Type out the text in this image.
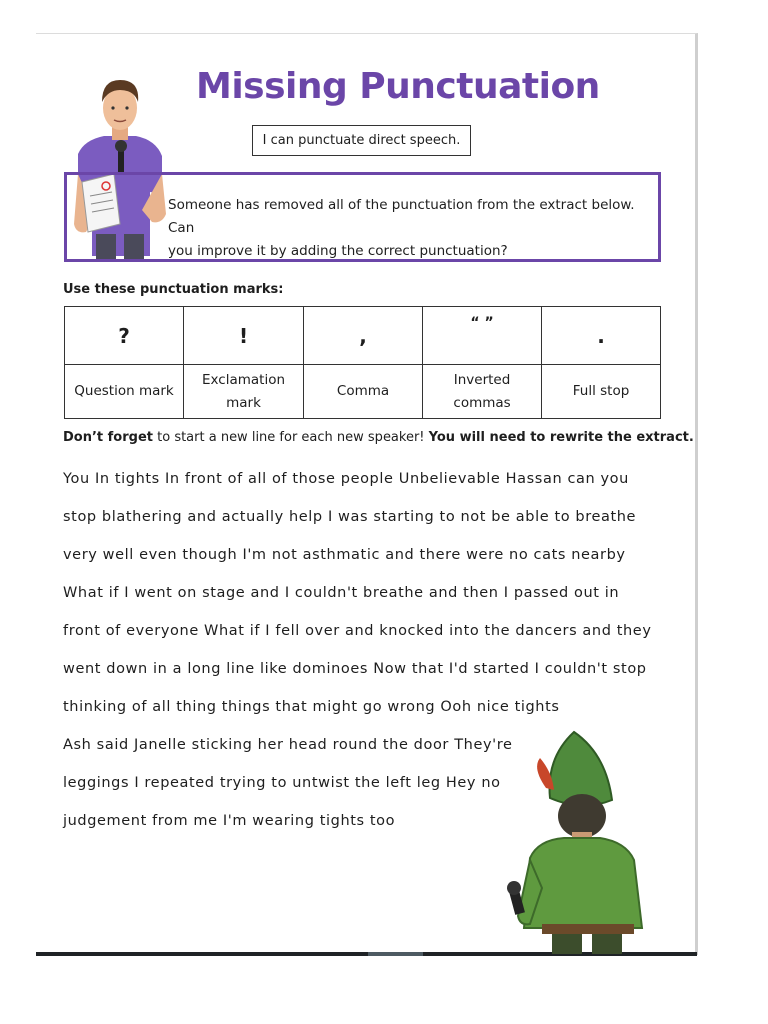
Missing Punctuation
I can punctuate direct speech.
Someone has removed all of the punctuation from the extract below. Can
you improve it by adding the correct punctuation?
Use these punctuation marks:
?	!	,	“ ”	.
Question mark	Exclamation mark	Comma	Inverted commas	Full stop
Don’t forget to start a new line for each new speaker! You will need to rewrite the extract.
You In tights In front of all of those people Unbelievable Hassan can you
stop blathering and actually help I was starting to not be able to breathe
very well even though I'm not asthmatic and there were no cats nearby
What if I went on stage and I couldn't breathe and then I passed out in
front of everyone What if I fell over and knocked into the dancers and they
went down in a long line like dominoes Now that I'd started I couldn't stop
thinking of all thing things that might go wrong Ooh nice tights
Ash said Janelle sticking her head round the door They're
leggings I repeated trying to untwist the left leg Hey no
judgement from me I'm wearing tights too
